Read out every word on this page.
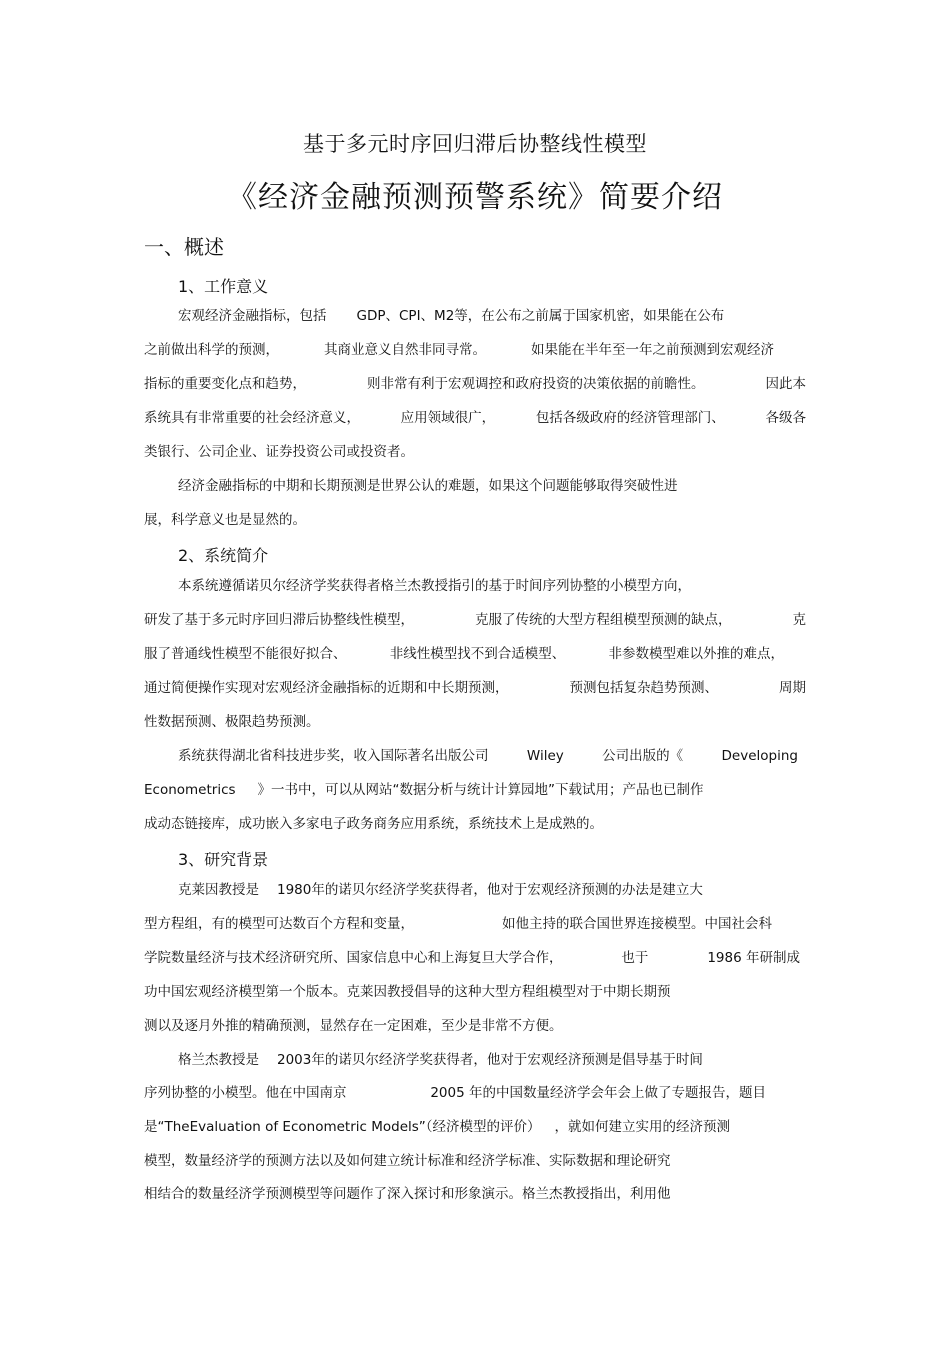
基于多元时序回归滞后协整线性模型
《经济金融预测预警系统》简要介绍
一、概述
1、工作意义
宏观经济金融指标，包括 GDP、CPI、M2等，在公布之前属于国家机密，如果能在公布
之前做出科学的预测，	其商业意义自然非同寻常。	如果能在半年至一年之前预测到宏观经济
指标的重要变化点和趋势，	则非常有利于宏观调控和政府投资的决策依据的前瞻性。	因此本
系统具有非常重要的社会经济意义，	应用领域很广，	包括各级政府的经济管理部门、	各级各
类银行、公司企业、证券投资公司或投资者。
经济金融指标的中期和长期预测是世界公认的难题，如果这个问题能够取得突破性进
展，科学意义也是显然的。
2、系统简介
本系统遵循诺贝尔经济学奖获得者格兰杰教授指引的基于时间序列协整的小模型方向，
研发了基于多元时序回归滞后协整线性模型，	克服了传统的大型方程组模型预测的缺点，	克
服了普通线性模型不能很好拟合、	非线性模型找不到合适模型、	非参数模型难以外推的难点，
通过简便操作实现对宏观经济金融指标的近期和中长期预测，	预测包括复杂趋势预测、	周期
性数据预测、极限趋势预测。
系统获得湖北省科技进步奖，收入国际著名出版公司	Wiley	公司出版的《	Developing
Econometrics 》一书中，可以从网站“数据分析与统计计算园地”下载试用；产品也已制作
成动态链接库，成功嵌入多家电子政务商务应用系统，系统技术上是成熟的。
3、研究背景
克莱因教授是 1980年的诺贝尔经济学奖获得者，他对于宏观经济预测的办法是建立大
型方程组，有的模型可达数百个方程和变量，	如他主持的联合国世界连接模型。中国社会科
学院数量经济与技术经济研究所、国家信息中心和上海复旦大学合作，	也于	1986 年研制成
功中国宏观经济模型第一个版本。克莱因教授倡导的这种大型方程组模型对于中期长期预
测以及逐月外推的精确预测，显然存在一定困难，至少是非常不方便。
格兰杰教授是 2003年的诺贝尔经济学奖获得者，他对于宏观经济预测是倡导基于时间
序列协整的小模型。他在中国南京	2005 年的中国数量经济学会年会上做了专题报告，题目
是“TheEvaluation of Econometric Models”（经济模型的评价） ，就如何建立实用的经济预测
模型，数量经济学的预测方法以及如何建立统计标准和经济学标准、实际数据和理论研究
相结合的数量经济学预测模型等问题作了深入探讨和形象演示。格兰杰教授指出，利用他
